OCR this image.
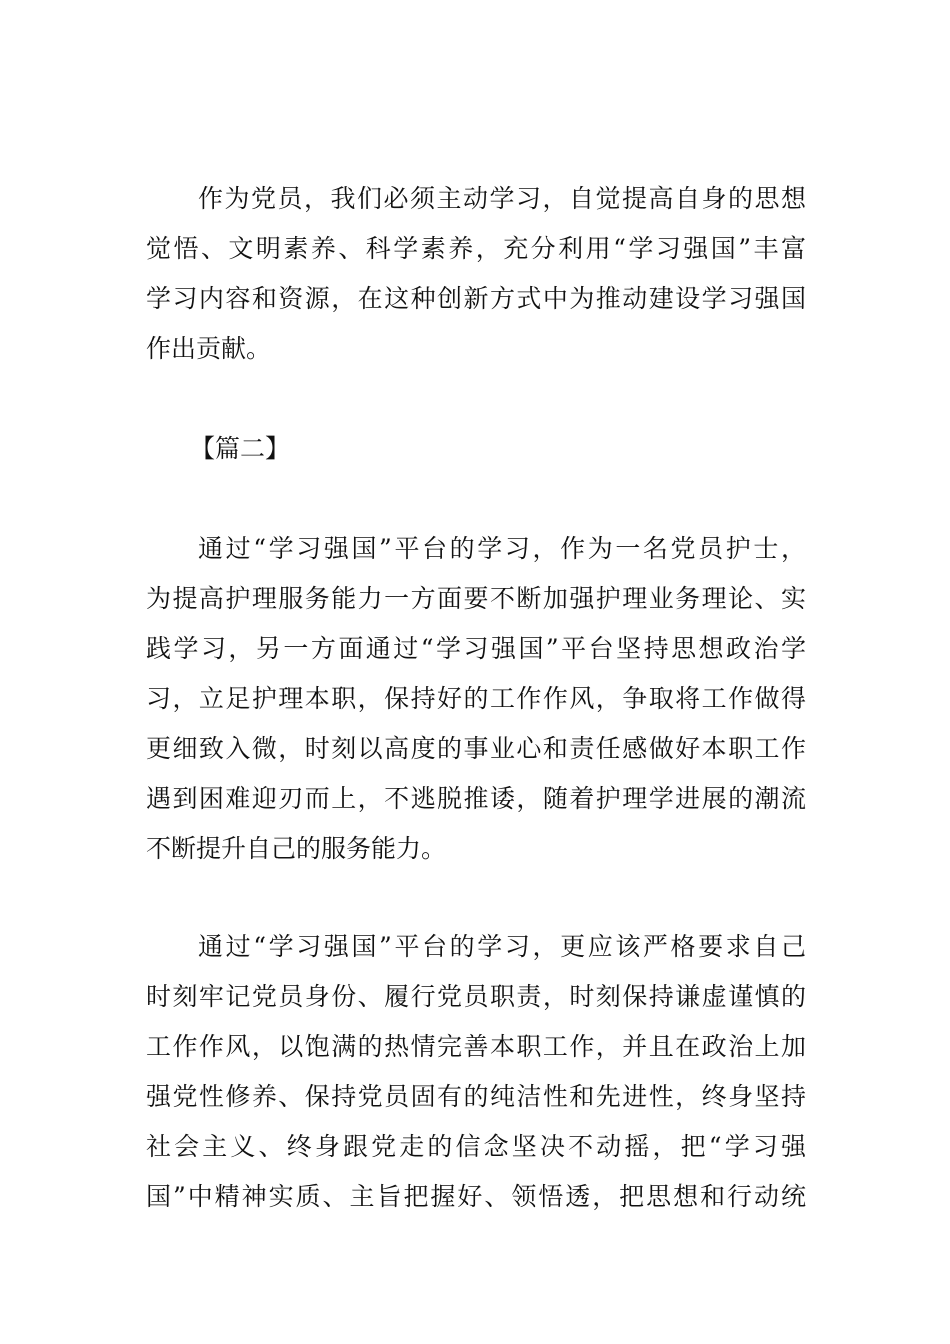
作为党员，我们必须主动学习，自觉提高自身的思想
觉悟、文明素养、科学素养，充分利用“学习强国”丰富
学习内容和资源，在这种创新方式中为推动建设学习强国
作出贡献。
【篇二】
通过“学习强国”平台的学习，作为一名党员护士，
为提高护理服务能力一方面要不断加强护理业务理论、实
践学习，另一方面通过“学习强国”平台坚持思想政治学
习，立足护理本职，保持好的工作作风，争取将工作做得
更细致入微，时刻以高度的事业心和责任感做好本职工作
遇到困难迎刃而上，不逃脱推诿，随着护理学进展的潮流
不断提升自己的服务能力。
通过“学习强国”平台的学习，更应该严格要求自己
时刻牢记党员身份、履行党员职责，时刻保持谦虚谨慎的
工作作风，以饱满的热情完善本职工作，并且在政治上加
强党性修养、保持党员固有的纯洁性和先进性，终身坚持
社会主义、终身跟党走的信念坚决不动摇，把“学习强
国”中精神实质、主旨把握好、领悟透，把思想和行动统
